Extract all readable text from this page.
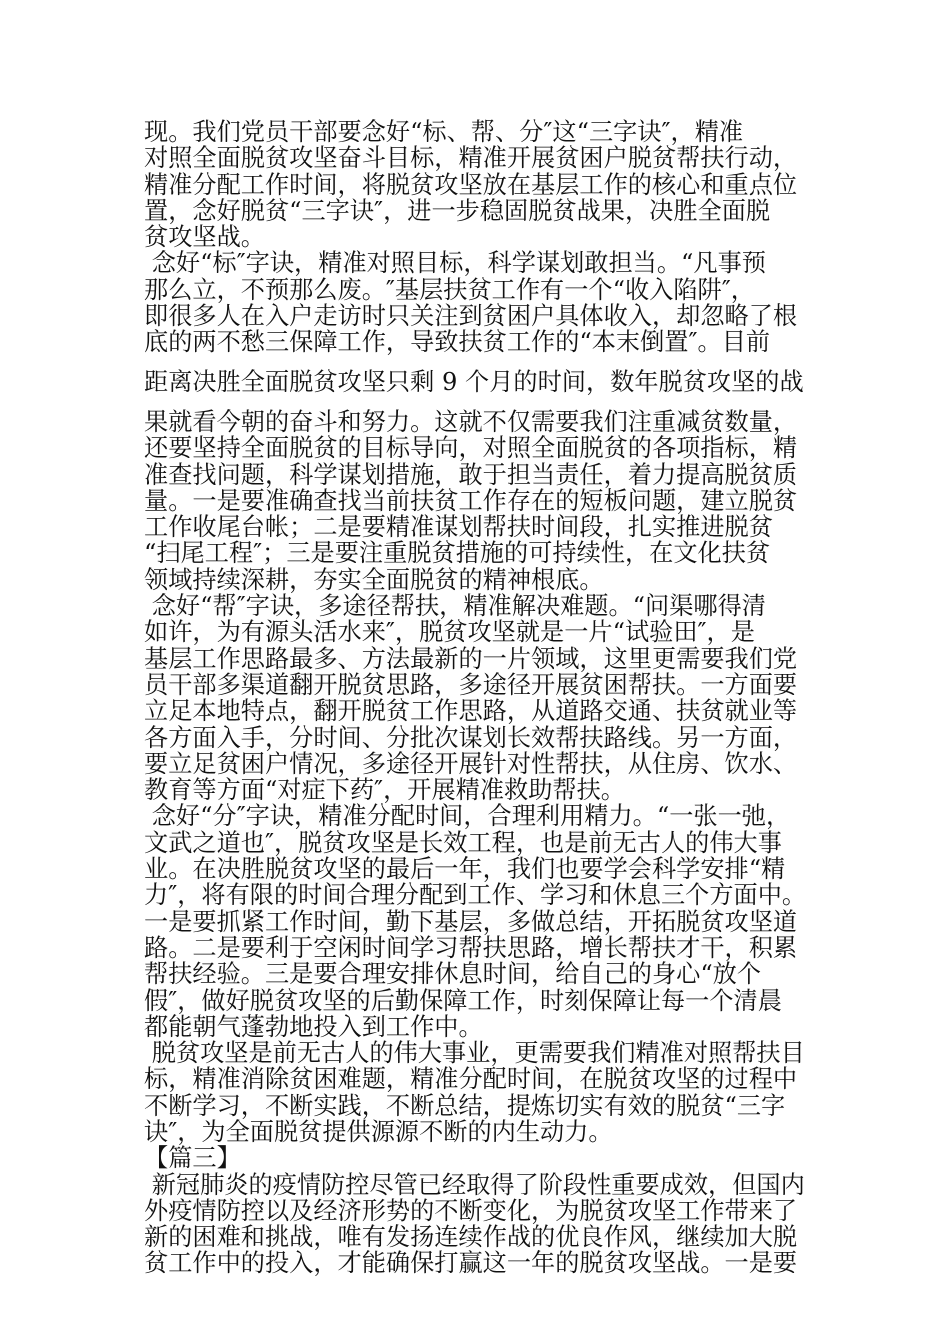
现。我们党员干部要念好“标、帮、分″这“三字诀″，精准
对照全面脱贫攻坚奋斗目标，精准开展贫困户脱贫帮扶行动，
精准分配工作时间，将脱贫攻坚放在基层工作的核心和重点位
置，念好脱贫“三字诀″，进一步稳固脱贫战果，决胜全面脱
贫攻坚战。
念好“标″字诀，精准对照目标，科学谋划敢担当。“凡事预
那么立，不预那么废。″基层扶贫工作有一个“收入陷阱″，
即很多人在入户走访时只关注到贫困户具体收入，却忽略了根
底的两不愁三保障工作，导致扶贫工作的“本末倒置″。目前
距离决胜全面脱贫攻坚只剩 9 个月的时间，数年脱贫攻坚的战
果就看今朝的奋斗和努力。这就不仅需要我们注重减贫数量，
还要坚持全面脱贫的目标导向，对照全面脱贫的各项指标，精
准查找问题，科学谋划措施，敢于担当责任，着力提高脱贫质
量。一是要准确查找当前扶贫工作存在的短板问题，建立脱贫
工作收尾台帐；二是要精准谋划帮扶时间段，扎实推进脱贫
“扫尾工程″；三是要注重脱贫措施的可持续性，在文化扶贫
领域持续深耕，夯实全面脱贫的精神根底。
念好“帮″字诀，多途径帮扶，精准解决难题。“问渠哪得清
如许，为有源头活水来″，脱贫攻坚就是一片“试验田″，是
基层工作思路最多、方法最新的一片领域，这里更需要我们党
员干部多渠道翻开脱贫思路，多途径开展贫困帮扶。一方面要
立足本地特点，翻开脱贫工作思路，从道路交通、扶贫就业等
各方面入手，分时间、分批次谋划长效帮扶路线。另一方面，
要立足贫困户情况，多途径开展针对性帮扶，从住房、饮水、
教育等方面“对症下药″，开展精准救助帮扶。
念好“分″字诀，精准分配时间，合理利用精力。“一张一弛，
文武之道也″，脱贫攻坚是长效工程，也是前无古人的伟大事
业。在决胜脱贫攻坚的最后一年，我们也要学会科学安排“精
力″，将有限的时间合理分配到工作、学习和休息三个方面中。
一是要抓紧工作时间，勤下基层，多做总结，开拓脱贫攻坚道
路。二是要利于空闲时间学习帮扶思路，增长帮扶才干，积累
帮扶经验。三是要合理安排休息时间，给自己的身心“放个
假″，做好脱贫攻坚的后勤保障工作，时刻保障让每一个清晨
都能朝气蓬勃地投入到工作中。
脱贫攻坚是前无古人的伟大事业，更需要我们精准对照帮扶目
标，精准消除贫困难题，精准分配时间，在脱贫攻坚的过程中
不断学习，不断实践，不断总结，提炼切实有效的脱贫“三字
诀″，为全面脱贫提供源源不断的内生动力。
【篇三】
新冠肺炎的疫情防控尽管已经取得了阶段性重要成效，但国内
外疫情防控以及经济形势的不断变化，为脱贫攻坚工作带来了
新的困难和挑战，唯有发扬连续作战的优良作风，继续加大脱
贫工作中的投入，才能确保打赢这一年的脱贫攻坚战。一是要
